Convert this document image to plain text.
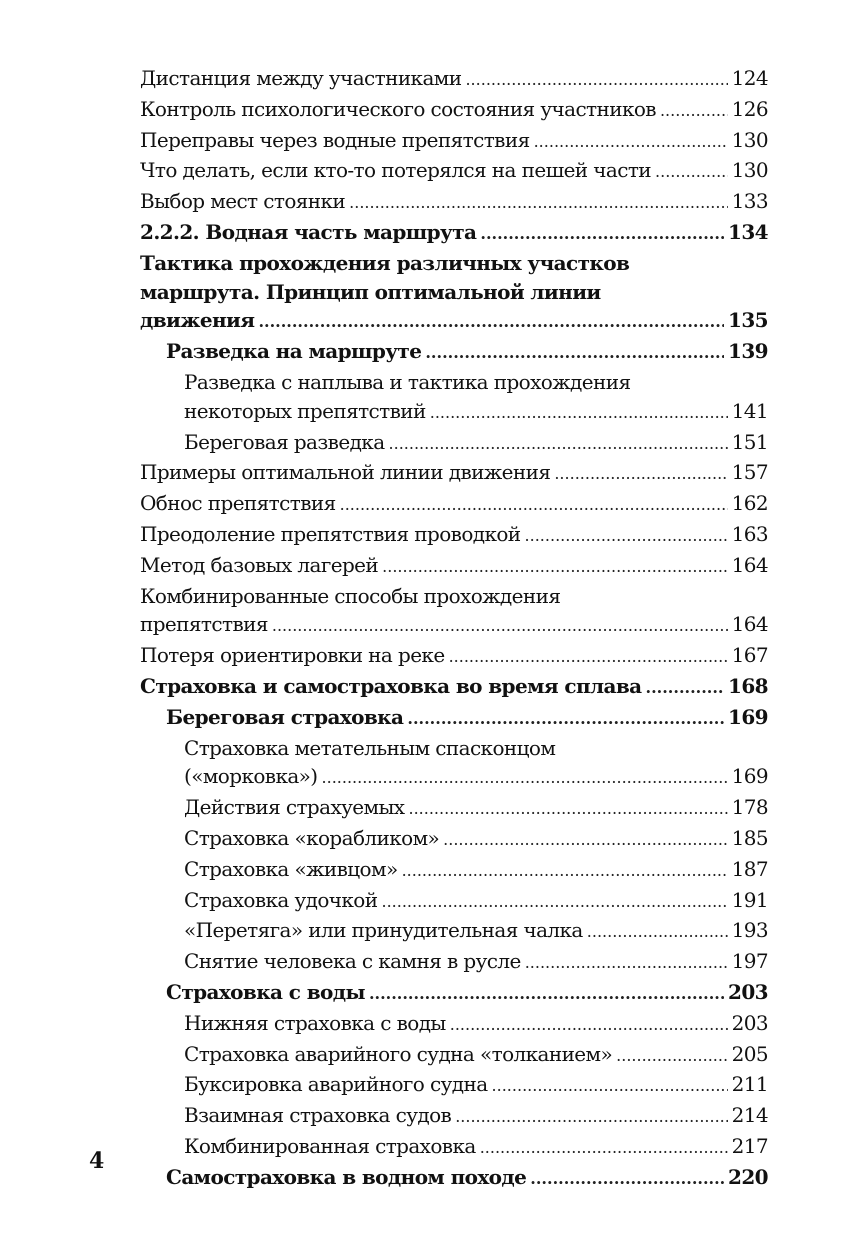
Дистанция между участниками .....	124
Контроль психологического состояния участников .....	126
Переправы через водные препятствия .....	130
Что делать, если кто-то потерялся на пешей части .....	130
Выбор мест стоянки .....	133
2.2.2. Водная часть маршрута .....	134
Тактика прохождения различных участков
маршрута. Принцип оптимальной линии
движения .....	135
Разведка на маршруте .....	139
Разведка с наплыва и тактика прохождения
некоторых препятствий .....	141
Береговая разведка .....	151
Примеры оптимальной линии движения .....	157
Обнос препятствия .....	162
Преодоление препятствия проводкой .....	163
Метод базовых лагерей .....	164
Комбинированные способы прохождения
препятствия .....	164
Потеря ориентировки на реке .....	167
Страховка и самостраховка во время сплава .....	168
Береговая страховка .....	169
Страховка метательным спасконцом
(«морковка») .....	169
Действия страхуемых .....	178
Страховка «корабликом» .....	185
Страховка «живцом» .....	187
Страховка удочкой .....	191
«Перетяга» или принудительная чалка .....	193
Снятие человека с камня в русле .....	197
Страховка с воды .....	203
Нижняя страховка с воды .....	203
Страховка аварийного судна «толканием» .....	205
Буксировка аварийного судна .....	211
Взаимная страховка судов .....	214
Комбинированная страховка .....	217
Самостраховка в водном походе .....	220
4
